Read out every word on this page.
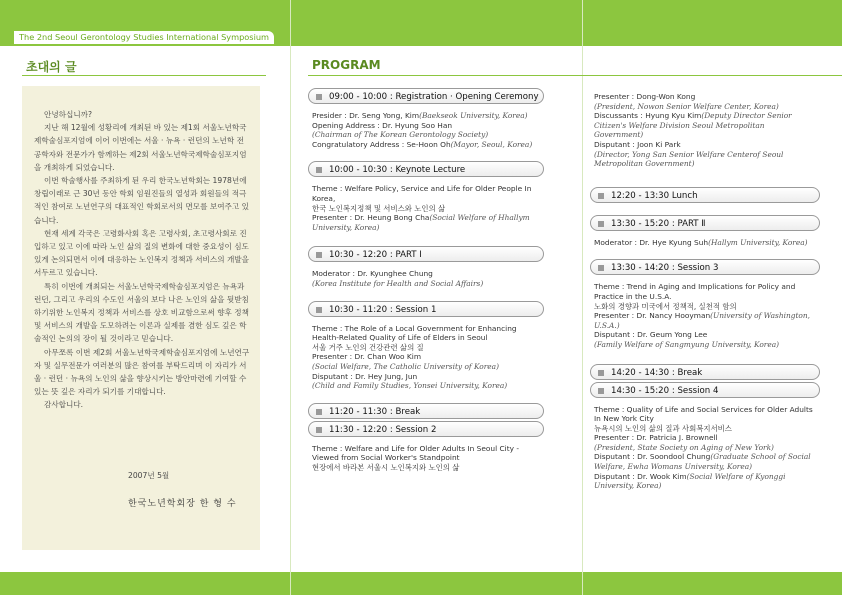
The 2nd Seoul Gerontology Studies International Symposium
초대의 글

안녕하십니까?

지난 해 12월에 성황리에 개최된 바 있는 제1회 서울노년학국제학술심포지엄에 이어 이번에는 서울 · 뉴욕 · 런던의 노년학 전공학자와 전문가가 함께하는 제2회 서울노년학국제학술심포지엄을 개최하게 되었습니다.

이번 학술행사를 주최하게 된 우리 한국노년학회는 1978년에 창립이래로 근 30년 동안 학회 임원진들의 열성과 회원들의 적극적인 참여로 노년연구의 대표적인 학회로서의 면모를 보여주고 있습니다.

현재 세계 각국은 고령화사회 혹은 고령사회, 초고령사회로 진입하고 있고 이에 따라 노인 삶의 질의 변화에 대한 중요성이 심도 있게 논의되면서 이에 대응하는 노인복지 정책과 서비스의 개발을 서두르고 있습니다.

특히 이번에 개최되는 서울노년학국제학술심포지엄은 뉴욕과 런던, 그리고 우리의 수도인 서울의 보다 나은 노인의 삶을 뒷받침하기위한 노인복지 정책과 서비스를 상호 비교함으로써 향후 정책 및 서비스의 개발을 도모하려는 이론과 실제를 겸한 심도 깊은 학술적인 논의의 장이 될 것이라고 믿습니다.

아무쪼록 이번 제2회 서울노년학국제학술심포지엄에 노년연구자 및 실무전문가 여러분의 많은 참여를 부탁드리며 이 자리가 서울 · 런던 · 뉴욕의 노인의 삶을 향상시키는 방안마련에 기여할 수 있는 뜻 깊은 자리가 되기를 기대합니다.

감사합니다.

2007년 5월
한국노년학회장 한 형 수
PROGRAM
09:00 - 10:00 : Registration · Opening Ceremony
Presider : Dr. Seng Yong, Kim(Baekseok University, Korea)
Opening Address : Dr. Hyung Soo Han
(Chairman of The Korean Gerontology Society)
Congratulatory Address : Se-Hoon Oh(Mayor, Seoul, Korea)
10:00 - 10:30 : Keynote Lecture
Theme : Welfare Policy, Service and Life for Older People In Korea,
한국 노인복지정책 및 서비스와 노인의 삶
Presenter : Dr. Heung Bong Cha(Social Welfare of Hhallym University, Korea)
10:30 - 12:20 : PART Ⅰ
Moderator : Dr. Kyunghee Chung
(Korea Institute for Health and Social Affairs)
10:30 - 11:20 : Session 1
Theme : The Role of a Local Government for Enhancing Health-Related Quality of Life of Elders in Seoul
서울 거주 노인의 건강관련 삶의 질
Presenter : Dr. Chan Woo Kim
(Social Welfare, The Catholic University of Korea)
Disputant : Dr. Hey Jung, Jun
(Child and Family Studies, Yonsei University, Korea)
11:20 - 11:30 : Break
11:30 - 12:20 : Session 2
Theme : Welfare and Life for Older Adults In Seoul City - Viewed from Social Worker's Standpoint
현장에서 바라본 서울시 노인복지와 노인의 삶
Presenter : Dong-Won Kong
(President, Nowon Senior Welfare Center, Korea)
Discussants : Hyung Kyu Kim(Deputy Director Senior Citizen's Welfare Division Seoul Metropolitan Government)
Disputant : Joon Ki Park
(Director, Yong San Senior Welfare Centerof Seoul Metropolitan Government)
12:20 - 13:30 Lunch
13:30 - 15:20 : PART Ⅱ
Moderator : Dr. Hye Kyung Suh(Hallym University, Korea)
13:30 - 14:20 : Session 3
Theme : Trend in Aging and Implications for Policy and Practice in the U.S.A.
노화의 경향과 미국에서 정책적, 실천적 함의
Presenter : Dr. Nancy Hooyman(University of Washington, U.S.A.)
Disputant : Dr. Geum Yong Lee
(Family Welfare of Sangmyung University, Korea)
14:20 - 14:30 : Break
14:30 - 15:20 : Session 4
Theme : Quality of Life and Social Services for Older Adults In New York City
뉴욕시의 노인의 삶의 질과 사회복지서비스
Presenter : Dr. Patricia J. Brownell
(President, State Society on Aging of New York)
Disputant : Dr. Soondool Chung(Graduate School of Social Welfare, Ewha Womans University, Korea)
Disputant : Dr. Wook Kim(Social Welfare of Kyonggi University, Korea)
